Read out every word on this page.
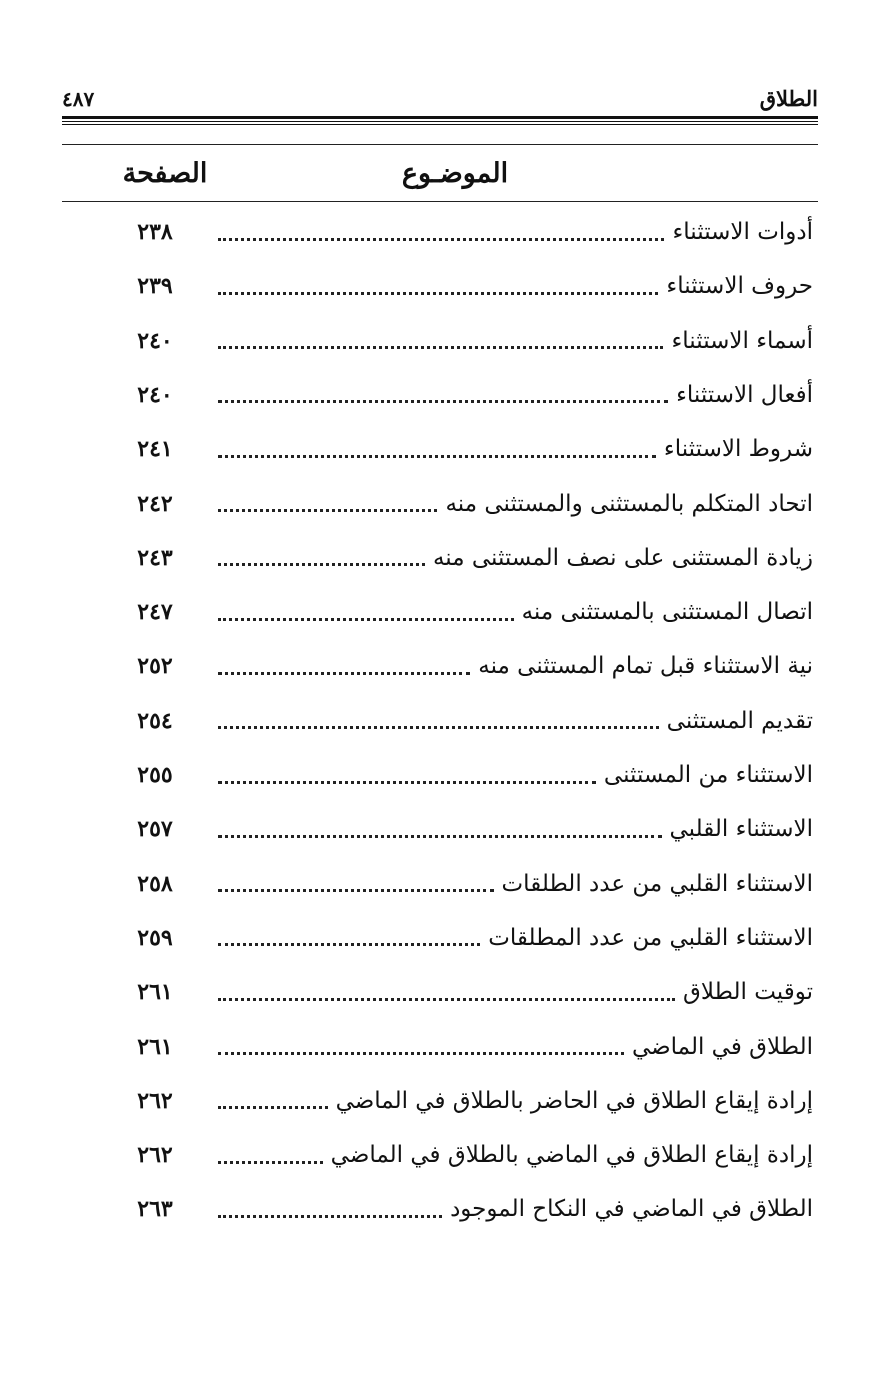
الطلاق
٤٨٧
الموضـوع
الصفحة
أدوات الاستثناء
٢٣٨
حروف الاستثناء
٢٣٩
أسماء الاستثناء
٢٤٠
أفعال الاستثناء
٢٤٠
شروط الاستثناء
٢٤١
اتحاد المتكلم بالمستثنى والمستثنى منه
٢٤٢
زيادة المستثنى على نصف المستثنى منه
٢٤٣
اتصال المستثنى بالمستثنى منه
٢٤٧
نية الاستثناء قبل تمام المستثنى منه
٢٥٢
تقديم المستثنى
٢٥٤
الاستثناء من المستثنى
٢٥٥
الاستثناء القلبي
٢٥٧
الاستثناء القلبي من عدد الطلقات
٢٥٨
الاستثناء القلبي من عدد المطلقات
٢٥٩
توقيت الطلاق
٢٦١
الطلاق في الماضي
٢٦١
إرادة إيقاع الطلاق في الحاضر بالطلاق في الماضي
٢٦٢
إرادة إيقاع الطلاق في الماضي بالطلاق في الماضي
٢٦٢
الطلاق في الماضي في النكاح الموجود
٢٦٣
